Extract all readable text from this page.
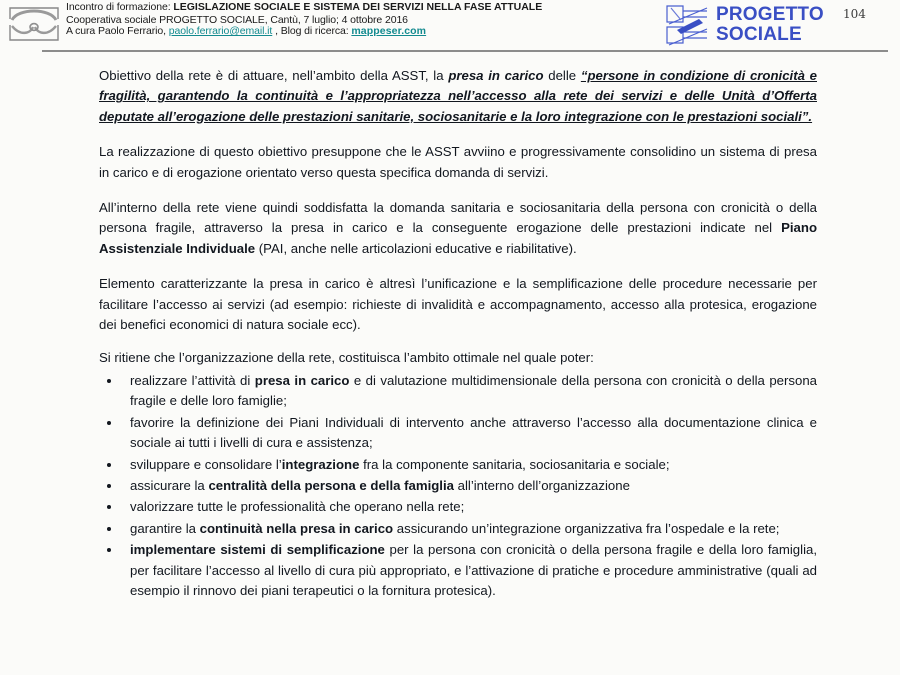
Incontro di formazione: LEGISLAZIONE SOCIALE E SISTEMA DEI SERVIZI NELLA FASE ATTUALE
Cooperativa sociale PROGETTO SOCIALE, Cantù, 7 luglio; 4 ottobre 2016
A cura Paolo Ferrario, paolo.ferrario@email.it , Blog di ricerca: mappeser.com
PROGETTO
SOCIALE
104

Obiettivo della rete è di attuare, nell’ambito della ASST, la presa in carico delle “persone in condizione di cronicità e fragilità, garantendo la continuità e l’appropriatezza nell’accesso alla rete dei servizi e delle Unità d’Offerta deputate all’erogazione delle prestazioni sanitarie, sociosanitarie e la loro integrazione con le prestazioni sociali”.

La realizzazione di questo obiettivo presuppone che le ASST avviino e progressivamente consolidino un sistema di presa in carico e di erogazione orientato verso questa specifica domanda di servizi.

All’interno della rete viene quindi soddisfatta la domanda sanitaria e sociosanitaria della persona con cronicità o della persona fragile, attraverso la presa in carico e la conseguente erogazione delle prestazioni indicate nel Piano Assistenziale Individuale (PAI, anche nelle articolazioni educative e riabilitative).

Elemento caratterizzante la presa in carico è altresì l’unificazione e la semplificazione delle procedure necessarie per facilitare l’accesso ai servizi (ad esempio: richieste di invalidità e accompagnamento, accesso alla protesica, erogazione dei benefici economici di natura sociale ecc).

Si ritiene che l’organizzazione della rete, costituisca l’ambito ottimale nel quale poter:

realizzare l’attività di presa in carico e di valutazione multidimensionale della persona con cronicità o della persona fragile e delle loro famiglie;
favorire la definizione dei Piani Individuali di intervento anche attraverso l’accesso alla documentazione clinica e sociale ai tutti i livelli di cura e assistenza;
sviluppare e consolidare l’integrazione fra la componente sanitaria, sociosanitaria e sociale;
assicurare la centralità della persona e della famiglia all’interno dell’organizzazione
valorizzare tutte le professionalità che operano nella rete;
garantire la continuità nella presa in carico assicurando un’integrazione organizzativa fra l’ospedale e la rete;
implementare sistemi di semplificazione per la persona con cronicità o della persona fragile e della loro famiglia, per facilitare l’accesso al livello di cura più appropriato, e l’attivazione di pratiche e procedure amministrative (quali ad esempio il rinnovo dei piani terapeutici o la fornitura protesica).
